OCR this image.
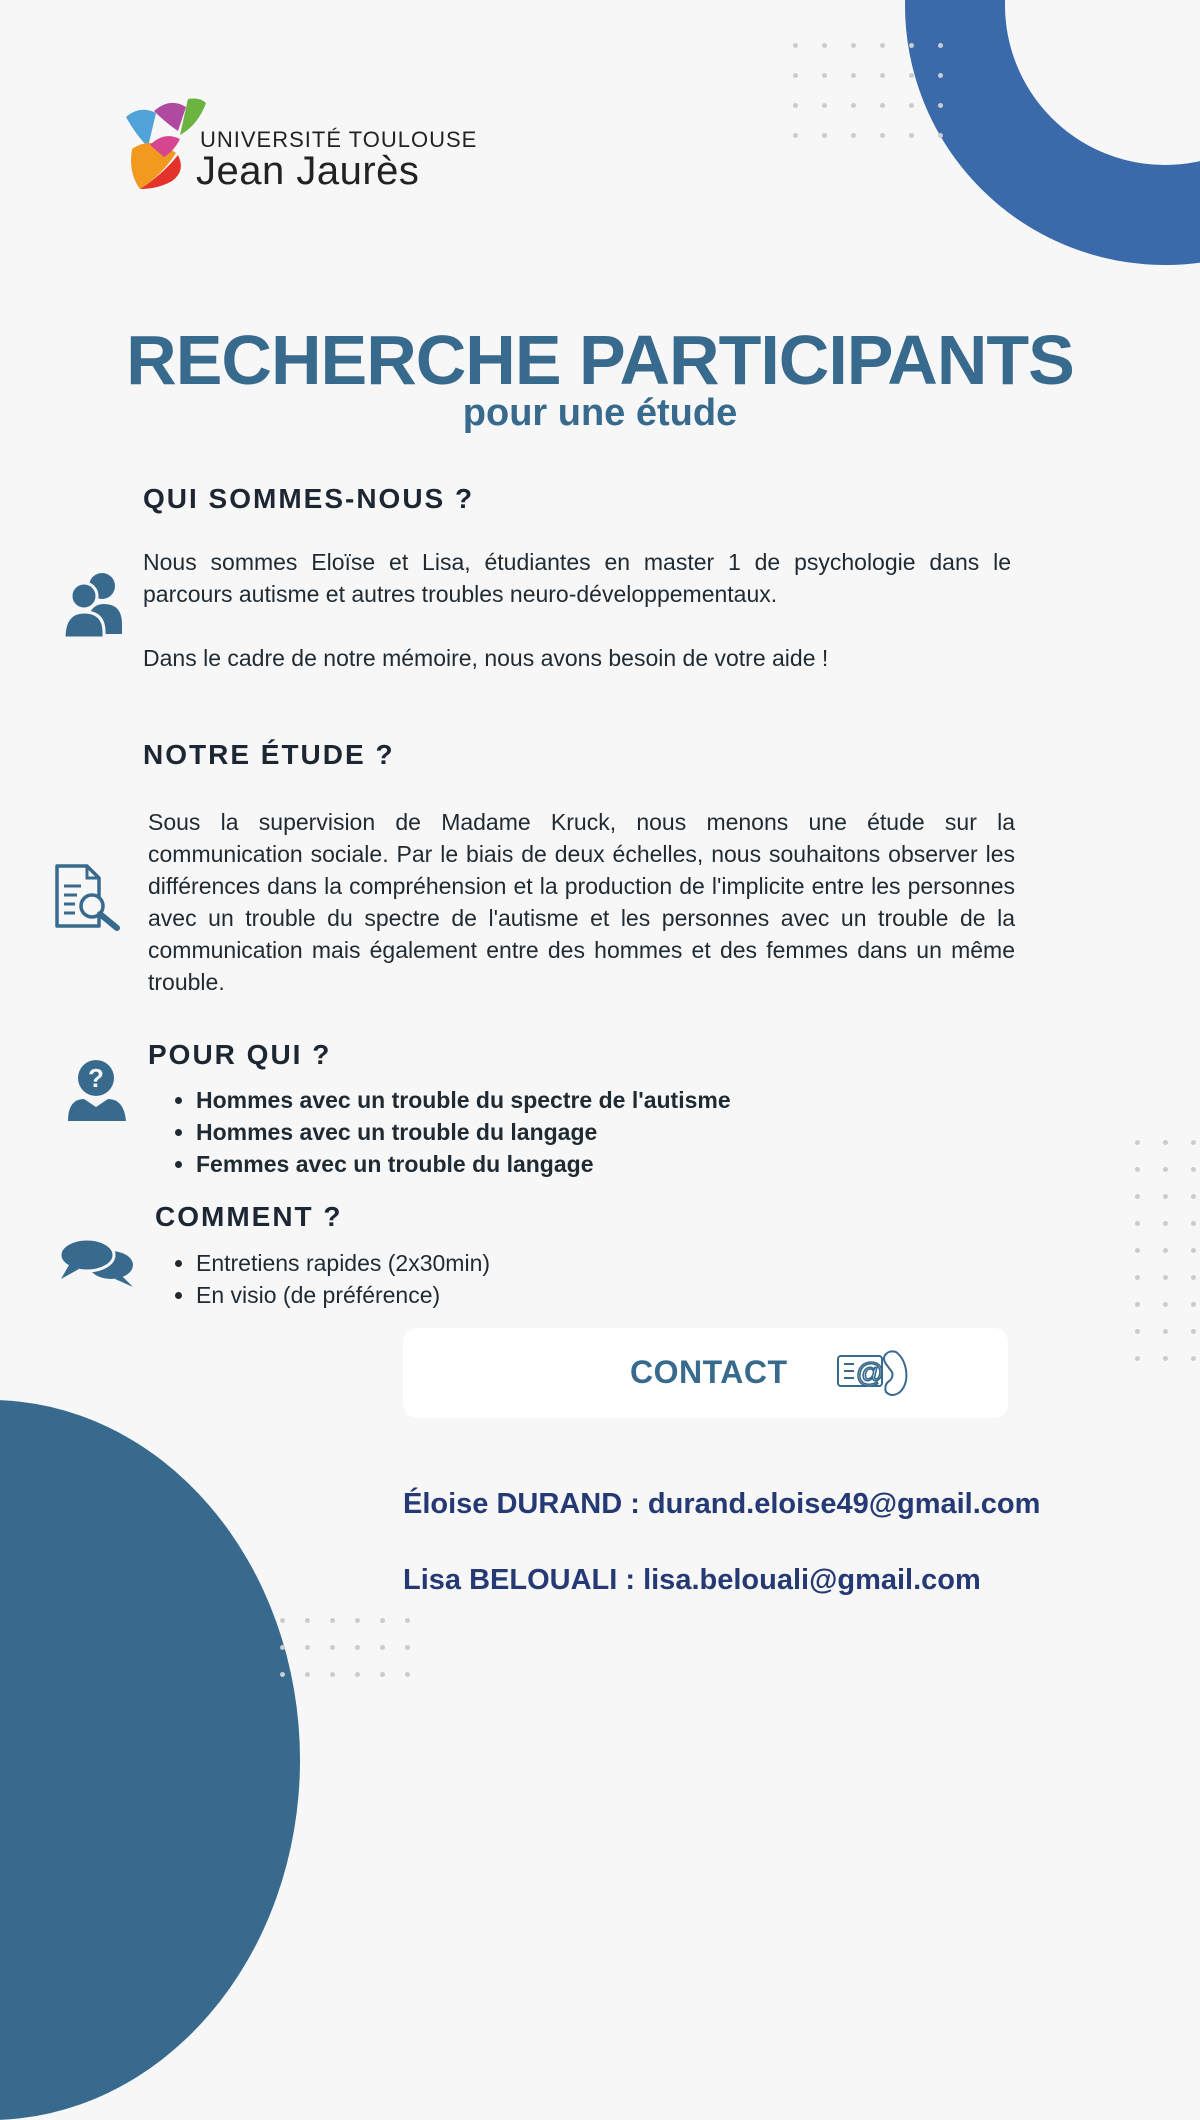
UNIVERSITÉ TOULOUSE
Jean Jaurès
RECHERCHE PARTICIPANTS
pour une étude
QUI SOMMES-NOUS ?

Nous sommes Eloïse et Lisa, étudiantes en master 1 de psychologie dans le parcours autisme et autres troubles neuro-développementaux.

Dans le cadre de notre mémoire, nous avons besoin de votre aide !

NOTRE ÉTUDE ?

Sous la supervision de Madame Kruck, nous menons une étude sur la communication sociale. Par le biais de deux échelles, nous souhaitons observer les différences dans la compréhension et la production de l'implicite entre les personnes avec un trouble du spectre de l'autisme et les personnes avec un trouble de la communication mais également entre des hommes et des femmes dans un même trouble.

POUR QUI ?
?
• Hommes avec un trouble du spectre de l'autisme
• Hommes avec un trouble du langage
• Femmes avec un trouble du langage
COMMENT ?
• Entretiens rapides (2x30min)
• En visio (de préférence)
CONTACT @
Éloise DURAND : durand.eloise49@gmail.com
Lisa BELOUALI : lisa.belouali@gmail.com
